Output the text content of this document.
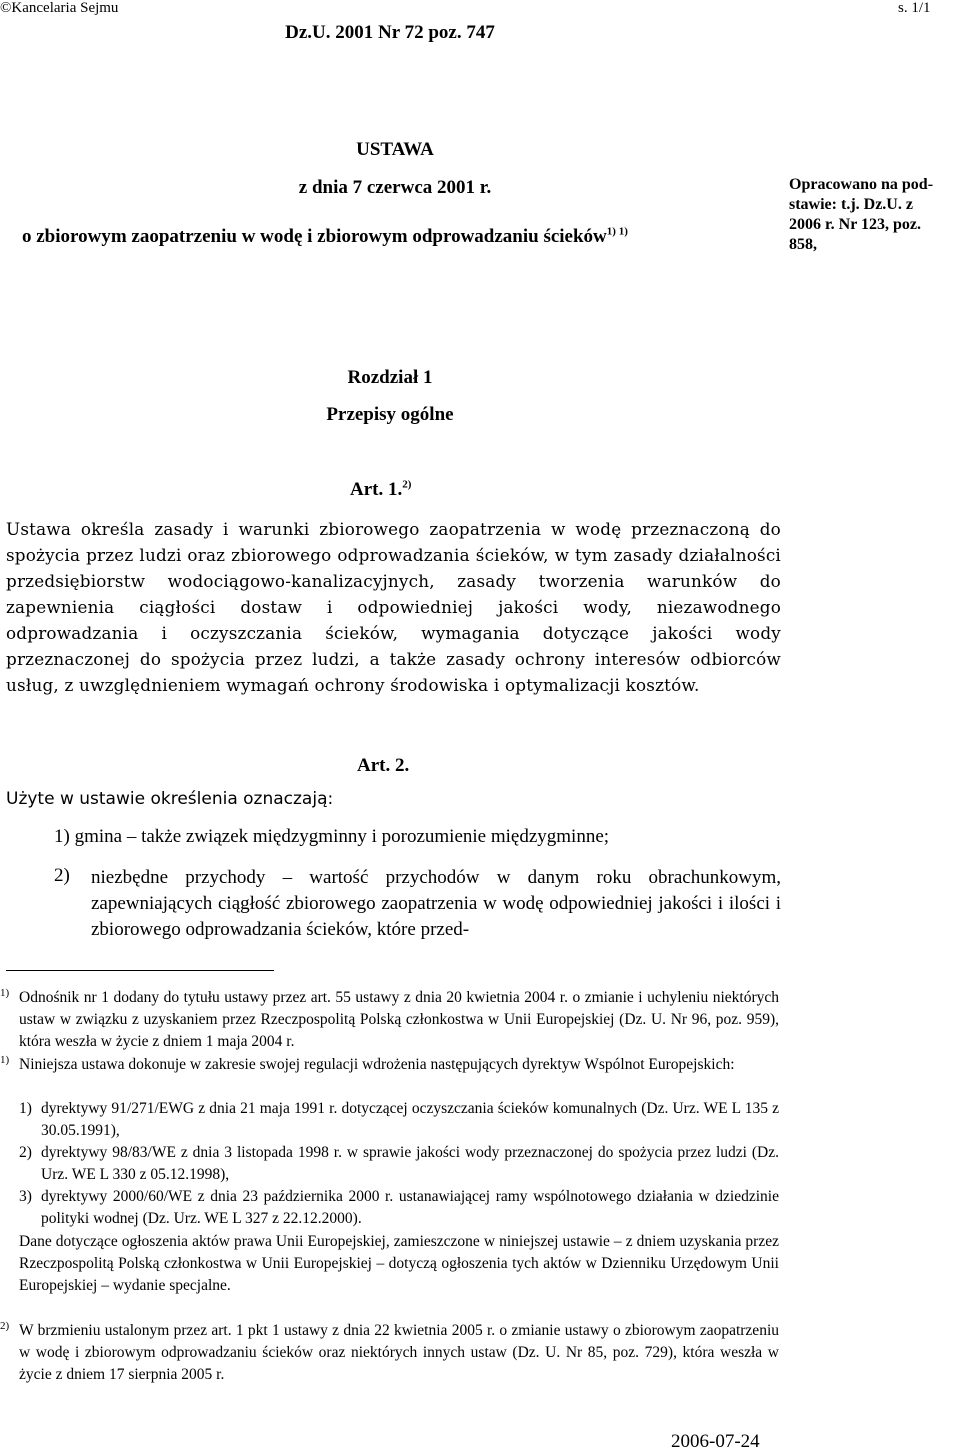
©Kancelaria Sejmu	s. 1/1
Dz.U. 2001 Nr 72 poz. 747
USTAWA
z dnia 7 czerwca 2001 r.
o zbiorowym zaopatrzeniu w wodę i zbiorowym odprowadzaniu ścieków$^{1) 1)}$
Opracowano na pod-
stawie: t.j. Dz.U. z
2006 r. Nr 123, poz.
858,
Rozdział 1
Przepisy ogólne
Art. 1.$^{2)}$
Ustawa określa zasady i warunki zbiorowego zaopatrzenia w wodę przeznaczoną do spożycia przez ludzi oraz zbiorowego odprowadzania ścieków, w tym zasady działalności przedsiębiorstw wodociągowo-kanalizacyjnych, zasady tworzenia warunków do zapewnienia ciągłości dostaw i odpowiedniej jakości wody, niezawodnego odprowadzania i oczyszczania ścieków, wymagania dotyczące jakości wody przeznaczonej do spożycia przez ludzi, a także zasady ochrony interesów odbiorców usług, z uwzględnieniem wymagań ochrony środowiska i optymalizacji kosztów.
Art. 2.
Użyte w ustawie określenia oznaczają:
1) gmina – także związek międzygminny i porozumienie międzygminne;
2) niezbędne przychody – wartość przychodów w danym roku obrachunkowym, zapewniających ciągłość zbiorowego zaopatrzenia w wodę odpowiedniej jakości i ilości i zbiorowego odprowadzania ścieków, które przed-
$^{1)}$ Odnośnik nr 1 dodany do tytułu ustawy przez art. 55 ustawy z dnia 20 kwietnia 2004 r. o zmianie i uchyleniu niektórych ustaw w związku z uzyskaniem przez Rzeczpospolitą Polską członkostwa w Unii Europejskiej (Dz. U. Nr 96, poz. 959), która weszła w życie z dniem 1 maja 2004 r.
$^{1)}$ Niniejsza ustawa dokonuje w zakresie swojej regulacji wdrożenia następujących dyrektyw Wspólnot Europejskich:
1) dyrektywy 91/271/EWG z dnia 21 maja 1991 r. dotyczącej oczyszczania ścieków komunalnych (Dz. Urz. WE L 135 z 30.05.1991),
2) dyrektywy 98/83/WE z dnia 3 listopada 1998 r. w sprawie jakości wody przeznaczonej do spożycia przez ludzi (Dz. Urz. WE L 330 z 05.12.1998),
3) dyrektywy 2000/60/WE z dnia 23 października 2000 r. ustanawiającej ramy wspólnotowego działania w dziedzinie polityki wodnej (Dz. Urz. WE L 327 z 22.12.2000).
Dane dotyczące ogłoszenia aktów prawa Unii Europejskiej, zamieszczone w niniejszej ustawie – z dniem uzyskania przez Rzeczpospolitą Polską członkostwa w Unii Europejskiej – dotyczą ogłoszenia tych aktów w Dzienniku Urzędowym Unii Europejskiej – wydanie specjalne.
$^{2)}$ W brzmieniu ustalonym przez art. 1 pkt 1 ustawy z dnia 22 kwietnia 2005 r. o zmianie ustawy o zbiorowym zaopatrzeniu w wodę i zbiorowym odprowadzaniu ścieków oraz niektórych innych ustaw (Dz. U. Nr 85, poz. 729), która weszła w życie z dniem 17 sierpnia 2005 r.
2006-07-24
